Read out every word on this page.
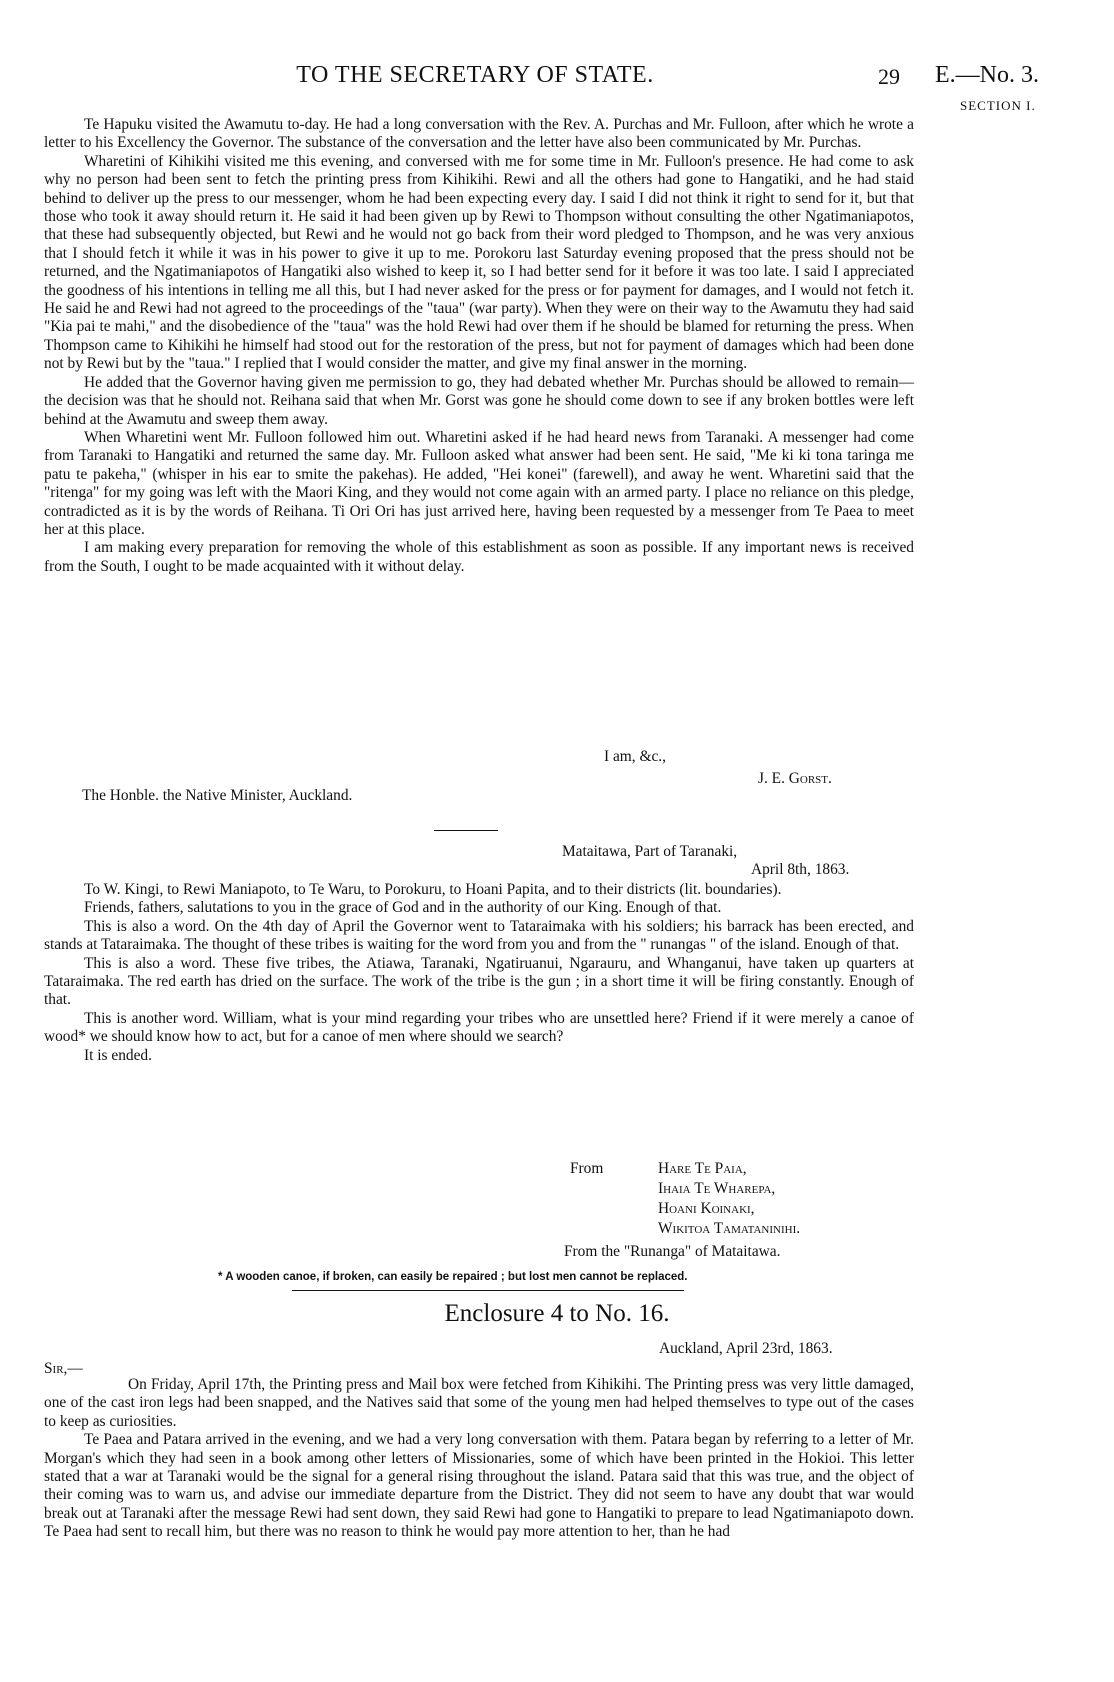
TO THE SECRETARY OF STATE.	29 E.—No. 3.
SECTION I.

Te Hapuku visited the Awamutu to-day. He had a long conversation with the Rev. A. Purchas and Mr. Fulloon, after which he wrote a letter to his Excellency the Governor. The substance of the conversation and the letter have also been communicated by Mr. Purchas.

Wharetini of Kihikihi visited me this evening, and conversed with me for some time in Mr. Fulloon's presence. He had come to ask why no person had been sent to fetch the printing press from Kihikihi. Rewi and all the others had gone to Hangatiki, and he had staid behind to deliver up the press to our messenger, whom he had been expecting every day. I said I did not think it right to send for it, but that those who took it away should return it. He said it had been given up by Rewi to Thompson without consulting the other Ngatimaniapotos, that these had subsequently objected, but Rewi and he would not go back from their word pledged to Thompson, and he was very anxious that I should fetch it while it was in his power to give it up to me. Porokoru last Saturday evening proposed that the press should not be returned, and the Ngatimaniapotos of Hangatiki also wished to keep it, so I had better send for it before it was too late. I said I appreciated the goodness of his intentions in telling me all this, but I had never asked for the press or for payment for damages, and I would not fetch it. He said he and Rewi had not agreed to the proceedings of the "taua" (war party). When they were on their way to the Awamutu they had said "Kia pai te mahi," and the disobedience of the "taua" was the hold Rewi had over them if he should be blamed for returning the press. When Thompson came to Kihikihi he himself had stood out for the restoration of the press, but not for payment of damages which had been done not by Rewi but by the "taua." I replied that I would consider the matter, and give my final answer in the morning.

He added that the Governor having given me permission to go, they had debated whether Mr. Purchas should be allowed to remain—the decision was that he should not. Reihana said that when Mr. Gorst was gone he should come down to see if any broken bottles were left behind at the Awamutu and sweep them away.

When Wharetini went Mr. Fulloon followed him out. Wharetini asked if he had heard news from Taranaki. A messenger had come from Taranaki to Hangatiki and returned the same day. Mr. Fulloon asked what answer had been sent. He said, "Me ki ki tona taringa me patu te pakeha," (whisper in his ear to smite the pakehas). He added, "Hei konei" (farewell), and away he went. Wharetini said that the "ritenga" for my going was left with the Maori King, and they would not come again with an armed party. I place no reliance on this pledge, contradicted as it is by the words of Reihana. Ti Ori Ori has just arrived here, having been requested by a messenger from Te Paea to meet her at this place.

I am making every preparation for removing the whole of this establishment as soon as possible. If any important news is received from the South, I ought to be made acquainted with it without delay.

I am, &c.,
J. E. Gorst.
The Honble. the Native Minister, Auckland.
Mataitawa, Part of Taranaki,
April 8th, 1863.

To W. Kingi, to Rewi Maniapoto, to Te Waru, to Porokuru, to Hoani Papita, and to their districts (lit. boundaries).

Friends, fathers, salutations to you in the grace of God and in the authority of our King. Enough of that.

This is also a word. On the 4th day of April the Governor went to Tataraimaka with his soldiers; his barrack has been erected, and stands at Tataraimaka. The thought of these tribes is waiting for the word from you and from the " runangas " of the island. Enough of that.

This is also a word. These five tribes, the Atiawa, Taranaki, Ngatiruanui, Ngarauru, and Whanganui, have taken up quarters at Tataraimaka. The red earth has dried on the surface. The work of the tribe is the gun ; in a short time it will be firing constantly. Enough of that.

This is another word. William, what is your mind regarding your tribes who are unsettled here? Friend if it were merely a canoe of wood* we should know how to act, but for a canoe of men where should we search?

It is ended.

From	Hare Te Paia,
Ihaia Te Wharepa,
Hoani Koinaki,
Wikitoa Tamataninihi.
From the "Runanga" of Mataitawa.
* A wooden canoe, if broken, can easily be repaired ; but lost men cannot be replaced.
Enclosure 4 to No. 16.
Auckland, April 23rd, 1863.
Sir,—

On Friday, April 17th, the Printing press and Mail box were fetched from Kihikihi. The Printing press was very little damaged, one of the cast iron legs had been snapped, and the Natives said that some of the young men had helped themselves to type out of the cases to keep as curiosities.

Te Paea and Patara arrived in the evening, and we had a very long conversation with them. Patara began by referring to a letter of Mr. Morgan's which they had seen in a book among other letters of Missionaries, some of which have been printed in the Hokioi. This letter stated that a war at Taranaki would be the signal for a general rising throughout the island. Patara said that this was true, and the object of their coming was to warn us, and advise our immediate departure from the District. They did not seem to have any doubt that war would break out at Taranaki after the message Rewi had sent down, they said Rewi had gone to Hangatiki to prepare to lead Ngatimaniapoto down. Te Paea had sent to recall him, but there was no reason to think he would pay more attention to her, than he had
